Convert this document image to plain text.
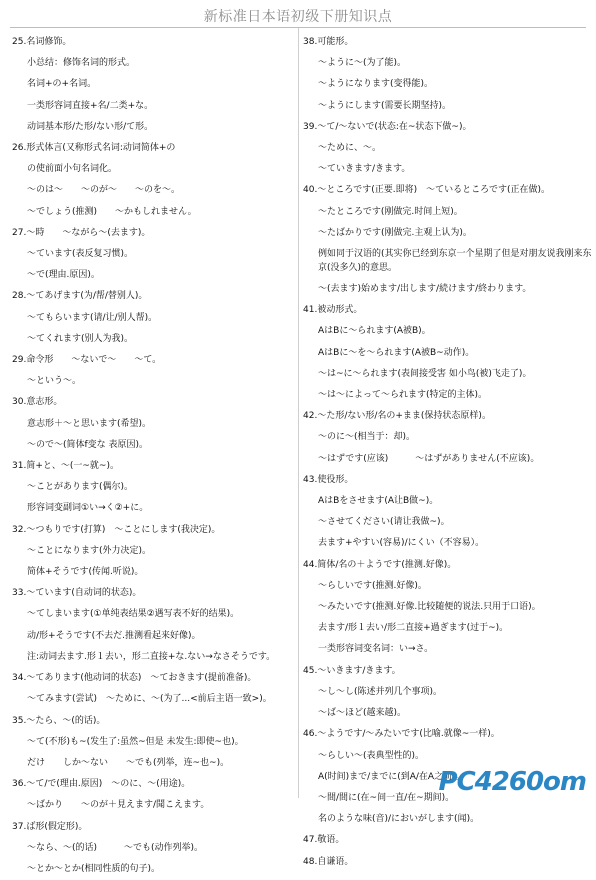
新标准日本语初级下册知识点
25.名词修饰。
小总结：修饰名词的形式。
名词+の+名词。
一类形容词直接+名/二类+な。
动词基本形/た形/ない形/て形。
26.形式体言(又称形式名词:动词简体+の
の使前面小句名词化。
～のは～　　～のが～　　～のを～。
～でしょう(推测)　　～かもしれません。
27.～時　　～ながら～(去ます)。
～ています(表反复习惯)。
～で(理由.原因)。
28.～てあげます(为/帮/替别人)。
～てもらいます(请/让/别人帮)。
～てくれます(别人为我)。
29.命令形　　～ないで～　　～て。
～という～。
30.意志形。
意志形＋～と思います(希望)。
～ので～(简体f变な 表原因)。
31.简+と、～(一~就~)。
～ことがあります(偶尔)。
形容词变副词①い→く②+に。
32.～つもりです(打算)　～ことにします(我决定)。
～ことになります(外力决定)。
简体+そうです(传闻.听说)。
33.～ています(自动词的状态)。
～てしまいます(①单纯表结果②遇写表不好的结果)。
动/形+そうです(不去だ.推测看起来好像)。
注:动词去ます.形１去い，形二直接+な.ない→なさそうです。
34.～てあります(他动词的状态)　～ておきます(提前准备)。
～てみます(尝试)　～ために、～(为了...<前后主语一致>)。
35.～たら、～(的话)。
～て(不形)も~(发生了:虽然~但是 未发生:即使~也)。
だけ　　しか～ない　　～でも(列举，连~也~)。
36.～て/で(理由.原因)　～のに、～(用途)。
～ばかり　　～のが＋見えます/聞こえます。
37.ば形(假定形)。
～なら、～(的话)　　　～でも(动作列举)。
～とか～とか(相同性质的句子)。
38.可能形。
～ように～(为了能)。
～ようになります(变得能)。
～ようにします(需要长期坚持)。
39.～て/～ないで(状态:在~状态下做~)。
～ために、～。
～ていきます/きます。
40.～ところです(正要.即将)　～ているところです(正在做)。
～たところです(刚做完.时间上短)。
～たばかりです(刚做完.主观上认为)。
例如同于汉语的(其实你已经到东京一个星期了但是对朋友说我刚来东京(没多久)的意思。
～(去ます)始めます/出します/続けます/終わります。
41.被动形式。
AはBに～られます(A被B)。
AはBに～を～られます(A被B~动作)。
～は~に～られます(表间接受害 如小鸟(被)飞走了)。
～は～によって～られます(特定的主体)。
42.～た形/ない形/名の+まま(保持状态原样)。
～のに～(相当于：却)。
～はずです(应该)　　　～はずがありません(不应该)。
43.使役形。
AはBをさせます(A让B做~)。
～させてください(请让我做~)。
去ます+やすい(容易)/にくい（不容易）。
44.简体/名の＋ようです(推测.好像)。
～らしいです(推测.好像)。
～みたいです(推测.好像.比较随便的说法.只用于口语)。
去ます/形１去い/形二直接+過ぎます(过于~)。
一类形容词变名词：い→さ。
45.～いきます/きます。
～し～し(陈述并列几个事项)。
～ば～ほど(越来越)。
46.～ようです/～みたいです(比喻.就像~一样)。
～らしい～(表典型性的)。
A(时间)まで/までに(到A/在A之前)。
～間/間に(在~间一直/在~期间)。
名のような味(音)/においがします(闻)。
47.敬语。
48.自谦语。
PC4260om
